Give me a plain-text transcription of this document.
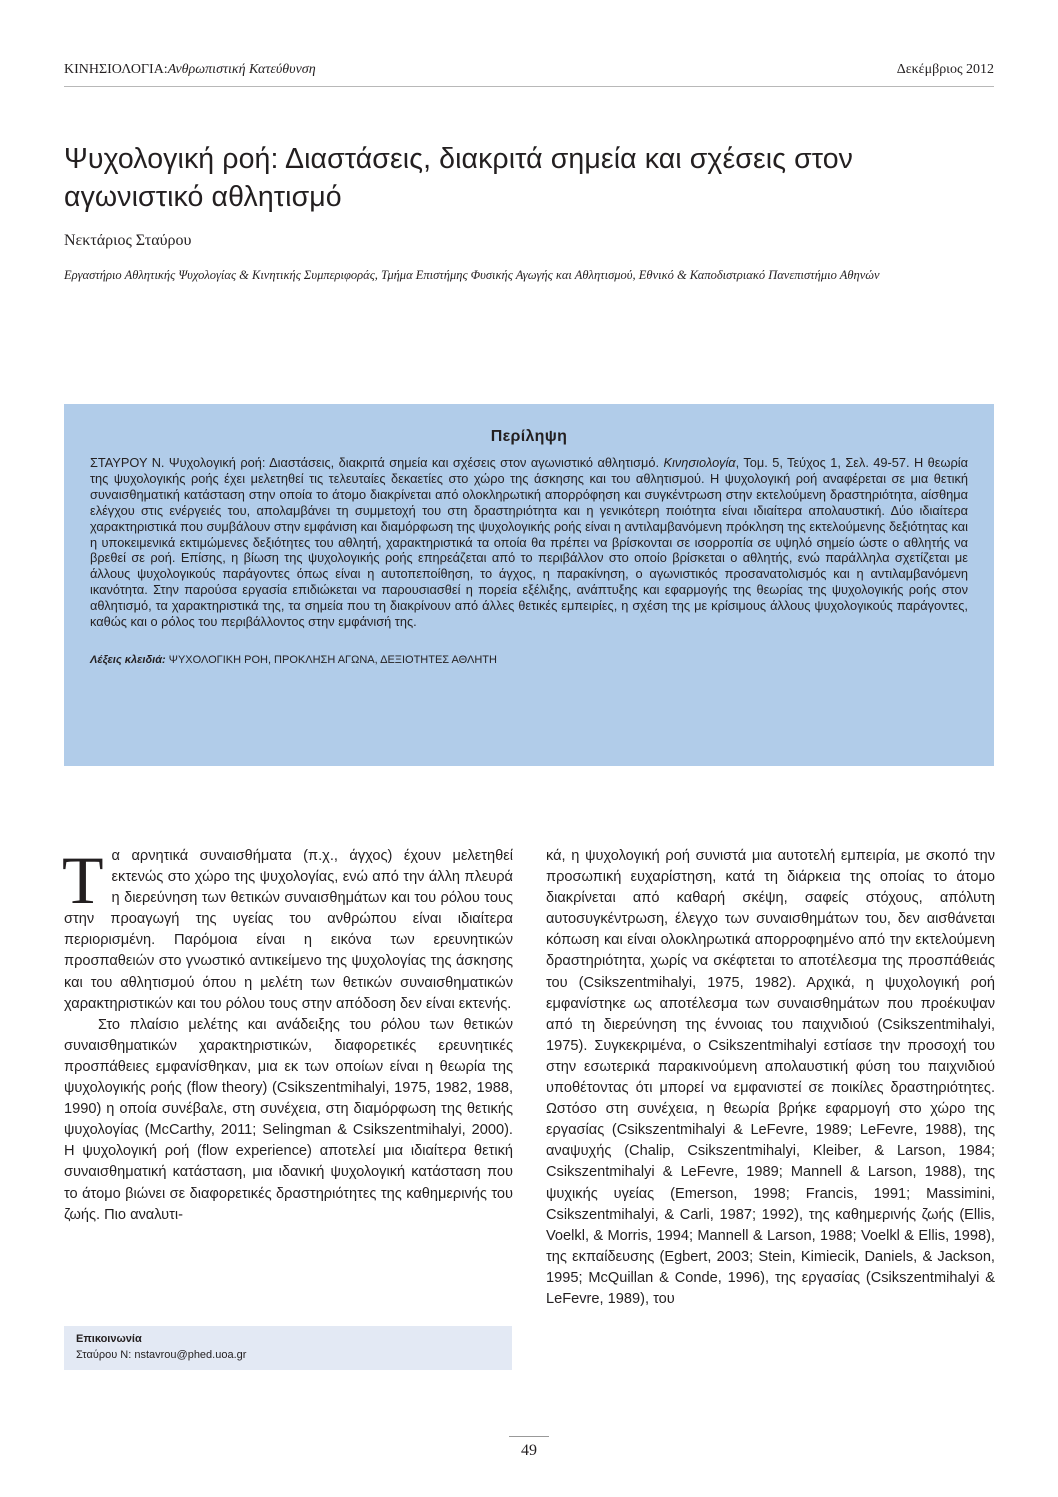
ΚΙΝΗΣΙΟΛΟΓΙΑ:Ανθρωπιστική Κατεύθυνση	Δεκέμβριος 2012
Ψυχολογική ροή: Διαστάσεις, διακριτά σημεία και σχέσεις στον αγωνιστικό αθλητισμό
Νεκτάριος Σταύρου
Εργαστήριο Αθλητικής Ψυχολογίας & Κινητικής Συμπεριφοράς, Τμήμα Επιστήμης Φυσικής Αγωγής και Αθλητισμού, Εθνικό & Καποδιστριακό Πανεπιστήμιο Αθηνών
Περίληψη

ΣΤΑΥΡΟΥ Ν. Ψυχολογική ροή: Διαστάσεις, διακριτά σημεία και σχέσεις στον αγωνιστικό αθλητισμό. Κινησιολογία, Τομ. 5, Τεύχος 1, Σελ. 49-57. Η θεωρία της ψυχολογικής ροής έχει μελετηθεί τις τελευταίες δεκαετίες στο χώρο της άσκησης και του αθλητισμού. Η ψυχολογική ροή αναφέρεται σε μια θετική συναισθηματική κατάσταση στην οποία το άτομο διακρίνεται από ολοκληρωτική απορρόφηση και συγκέντρωση στην εκτελούμενη δραστηριότητα, αίσθημα ελέγχου στις ενέργειές του, απολαμβάνει τη συμμετοχή του στη δραστηριότητα και η γενικότερη ποιότητα είναι ιδιαίτερα απολαυστική. Δύο ιδιαίτερα χαρακτηριστικά που συμβάλουν στην εμφάνιση και διαμόρφωση της ψυχολογικής ροής είναι η αντιλαμβανόμενη πρόκληση της εκτελούμενης δεξιότητας και η υποκειμενικά εκτιμώμενες δεξιότητες του αθλητή, χαρακτηριστικά τα οποία θα πρέπει να βρίσκονται σε ισορροπία σε υψηλό σημείο ώστε ο αθλητής να βρεθεί σε ροή. Επίσης, η βίωση της ψυχολογικής ροής επηρεάζεται από το περιβάλλον στο οποίο βρίσκεται ο αθλητής, ενώ παράλληλα σχετίζεται με άλλους ψυχολογικούς παράγοντες όπως είναι η αυτοπεποίθηση, το άγχος, η παρακίνηση, ο αγωνιστικός προσανατολισμός και η αντιλαμβανόμενη ικανότητα. Στην παρούσα εργασία επιδιώκεται να παρουσιασθεί η πορεία εξέλιξης, ανάπτυξης και εφαρμογής της θεωρίας της ψυχολογικής ροής στον αθλητισμό, τα χαρακτηριστικά της, τα σημεία που τη διακρίνουν από άλλες θετικές εμπειρίες, η σχέση της με κρίσιμους άλλους ψυχολογικούς παράγοντες, καθώς και ο ρόλος του περιβάλλοντος στην εμφάνισή της.

Λέξεις κλειδιά: ΨΥΧΟΛΟΓΙΚΗ ΡΟΗ, ΠΡΟΚΛΗΣΗ ΑΓΩΝΑ, ΔΕΞΙΟΤΗΤΕΣ ΑΘΛΗΤΗ

Τα αρνητικά συναισθήματα (π.χ., άγχος) έχουν μελετηθεί εκτενώς στο χώρο της ψυχολογίας, ενώ από την άλλη πλευρά η διερεύνηση των θετικών συναισθημάτων και του ρόλου τους στην προαγωγή της υγείας του ανθρώπου είναι ιδιαίτερα περιορισμένη. Παρόμοια είναι η εικόνα των ερευνητικών προσπαθειών στο γνωστικό αντικείμενο της ψυχολογίας της άσκησης και του αθλητισμού όπου η μελέτη των θετικών συναισθηματικών χαρακτηριστικών και του ρόλου τους στην απόδοση δεν είναι εκτενής.

Στο πλαίσιο μελέτης και ανάδειξης του ρόλου των θετικών συναισθηματικών χαρακτηριστικών, διαφορετικές ερευνητικές προσπάθειες εμφανίσθηκαν, μια εκ των οποίων είναι η θεωρία της ψυχολογικής ροής (flow theory) (Csikszentmihalyi, 1975, 1982, 1988, 1990) η οποία συνέβαλε, στη συνέχεια, στη διαμόρφωση της θετικής ψυχολογίας (McCarthy, 2011; Selingman & Csikszentmihalyi, 2000). Η ψυχολογική ροή (flow experience) αποτελεί μια ιδιαίτερα θετική συναισθηματική κατάσταση, μια ιδανική ψυχολογική κατάσταση που το άτομο βιώνει σε διαφορετικές δραστηριότητες της καθημερινής του ζωής. Πιο αναλυτι-

κά, η ψυχολογική ροή συνιστά μια αυτοτελή εμπειρία, με σκοπό την προσωπική ευχαρίστηση, κατά τη διάρκεια της οποίας το άτομο διακρίνεται από καθαρή σκέψη, σαφείς στόχους, απόλυτη αυτοσυγκέντρωση, έλεγχο των συναισθημάτων του, δεν αισθάνεται κόπωση και είναι ολοκληρωτικά απορροφημένο από την εκτελούμενη δραστηριότητα, χωρίς να σκέφτεται το αποτέλεσμα της προσπάθειάς του (Csikszentmihalyi, 1975, 1982). Αρχικά, η ψυχολογική ροή εμφανίστηκε ως αποτέλεσμα των συναισθημάτων που προέκυψαν από τη διερεύνηση της έννοιας του παιχνιδιού (Csikszentmihalyi, 1975). Συγκεκριμένα, ο Csikszentmihalyi εστίασε την προσοχή του στην εσωτερικά παρακινούμενη απολαυστική φύση του παιχνιδιού υποθέτοντας ότι μπορεί να εμφανιστεί σε ποικίλες δραστηριότητες. Ωστόσο στη συνέχεια, η θεωρία βρήκε εφαρμογή στο χώρο της εργασίας (Csikszentmihalyi & LeFevre, 1989; LeFevre, 1988), της αναψυχής (Chalip, Csikszentmihalyi, Kleiber, & Larson, 1984; Csikszentmihalyi & LeFevre, 1989; Mannell & Larson, 1988), της ψυχικής υγείας (Emerson, 1998; Francis, 1991; Massimini, Csikszentmihalyi, & Carli, 1987; 1992), της καθημερινής ζωής (Ellis, Voelkl, & Morris, 1994; Mannell & Larson, 1988; Voelkl & Ellis, 1998), της εκπαίδευσης (Egbert, 2003; Stein, Kimiecik, Daniels, & Jackson, 1995; McQuillan & Conde, 1996), της εργασίας (Csikszentmihalyi & LeFevre, 1989), του

Επικοινωνία
Σταύρου Ν: nstavrou@phed.uoa.gr
49
